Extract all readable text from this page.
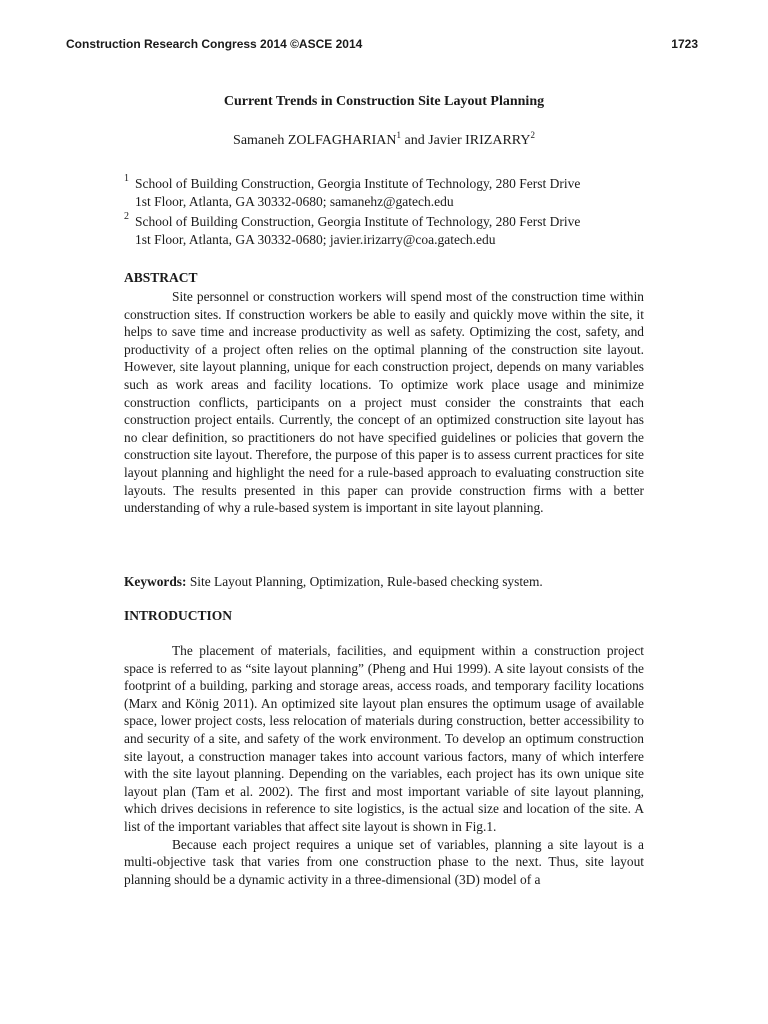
Construction Research Congress 2014 ©ASCE 2014	1723
Current Trends in Construction Site Layout Planning
Samaneh ZOLFAGHARIAN$^1$ and Javier IRIZARRY$^2$
1 School of Building Construction, Georgia Institute of Technology, 280 Ferst Drive
1st Floor, Atlanta, GA 30332-0680; samanehz@gatech.edu
2 School of Building Construction, Georgia Institute of Technology, 280 Ferst Drive
1st Floor, Atlanta, GA 30332-0680; javier.irizarry@coa.gatech.edu
ABSTRACT

Site personnel or construction workers will spend most of the construction time within construction sites. If construction workers be able to easily and quickly move within the site, it helps to save time and increase productivity as well as safety. Optimizing the cost, safety, and productivity of a project often relies on the optimal planning of the construction site layout. However, site layout planning, unique for each construction project, depends on many variables such as work areas and facility locations. To optimize work place usage and minimize construction conflicts, participants on a project must consider the constraints that each construction project entails. Currently, the concept of an optimized construction site layout has no clear definition, so practitioners do not have specified guidelines or policies that govern the construction site layout. Therefore, the purpose of this paper is to assess current practices for site layout planning and highlight the need for a rule-based approach to evaluating construction site layouts. The results presented in this paper can provide construction firms with a better understanding of why a rule-based system is important in site layout planning.

Keywords: Site Layout Planning, Optimization, Rule-based checking system.

INTRODUCTION

The placement of materials, facilities, and equipment within a construction project space is referred to as “site layout planning” (Pheng and Hui 1999). A site layout consists of the footprint of a building, parking and storage areas, access roads, and temporary facility locations (Marx and König 2011). An optimized site layout plan ensures the optimum usage of available space, lower project costs, less relocation of materials during construction, better accessibility to and security of a site, and safety of the work environment. To develop an optimum construction site layout, a construction manager takes into account various factors, many of which interfere with the site layout planning. Depending on the variables, each project has its own unique site layout plan (Tam et al. 2002). The first and most important variable of site layout planning, which drives decisions in reference to site logistics, is the actual size and location of the site. A list of the important variables that affect site layout is shown in Fig.1.

Because each project requires a unique set of variables, planning a site layout is a multi-objective task that varies from one construction phase to the next. Thus, site layout planning should be a dynamic activity in a three-dimensional (3D) model of a
